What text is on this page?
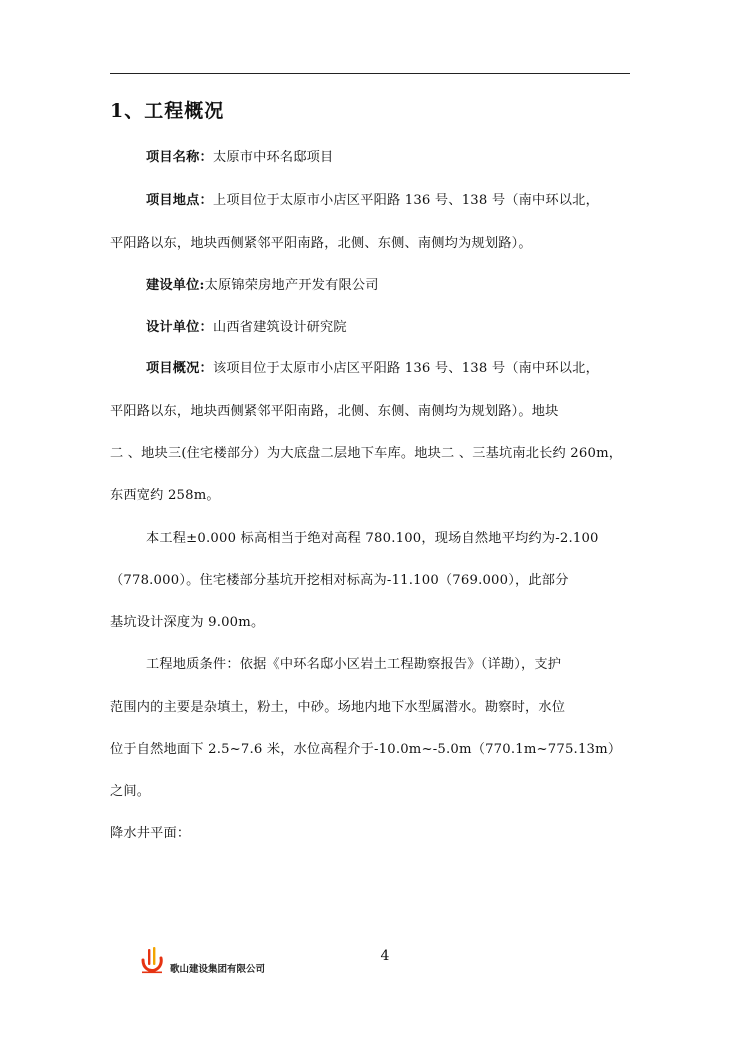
1、工程概况
项目名称：太原市中环名邸项目
项目地点：上项目位于太原市小店区平阳路 136 号、138 号（南中环以北，
平阳路以东，地块西侧紧邻平阳南路，北侧、东侧、南侧均为规划路）。
建设单位:太原锦荣房地产开发有限公司
设计单位：山西省建筑设计研究院
项目概况：该项目位于太原市小店区平阳路 136 号、138 号（南中环以北，
平阳路以东，地块西侧紧邻平阳南路，北侧、东侧、南侧均为规划路）。地块
二 、地块三(住宅楼部分）为大底盘二层地下车库。地块二 、三基坑南北长约 260m，
东西宽约 258m。
本工程±0.000 标高相当于绝对高程 780.100，现场自然地平均约为-2.100
（778.000）。住宅楼部分基坑开挖相对标高为-11.100（769.000），此部分
基坑设计深度为 9.00m。
工程地质条件：依据《中环名邸小区岩土工程勘察报告》（详勘），支护
范围内的主要是杂填土，粉土，中砂。场地内地下水型属潜水。勘察时，水位
位于自然地面下 2.5~7.6 米，水位高程介于-10.0m~-5.0m（770.1m~775.13m）
之间。
降水井平面：
4
歌山建设集团有限公司
